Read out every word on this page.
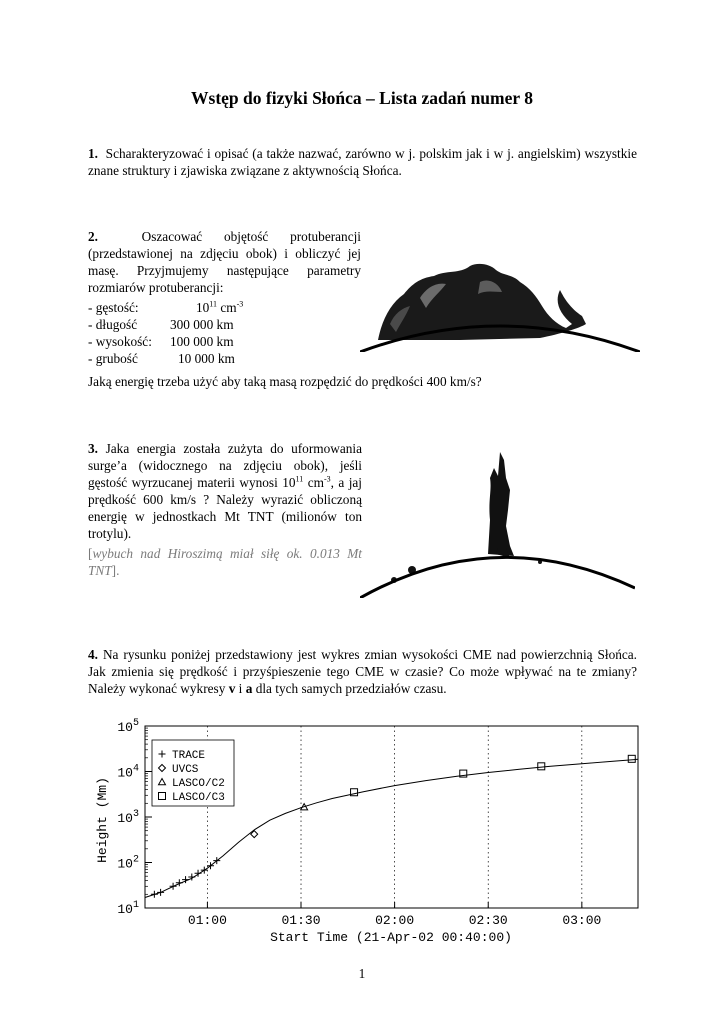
Wstęp do fizyki Słońca – Lista zadań numer 8
1. Scharakteryzować i opisać (a także nazwać, zarówno w j. polskim jak i w j. angielskim) wszystkie znane struktury i zjawiska związane z aktywnością Słońca.
2.	Oszacować objętość protuberancji (przedstawionej na zdjęciu obok) i obliczyć jej masę. Przyjmujemy następujące parametry rozmiarów protuberancji:
- gęstość:	$10^{11}$ $cm^{-3}$
- długość	300 000 km
- wysokość:	100 000 km
- grubość	10 000 km
Jaką energię trzeba użyć aby taką masą rozpędzić do prędkości 400 km/s?
3. Jaka energia została zużyta do uformowania surge’a (widocznego na zdjęciu obok), jeśli gęstość wyrzucanej materii wynosi $10^{11}$ $cm^{-3}$, a jaj prędkość 600 km/s ? Należy wyrazić obliczoną energię w jednostkach Mt TNT (milionów ton trotylu).
[wybuch nad Hiroszimą miał siłę ok. 0.013 Mt TNT].
4. Na rysunku poniżej przedstawiony jest wykres zmian wysokości CME nad powierzchnią Słońca. Jak zmienia się prędkość i przyśpieszenie tego CME w czasie? Co może wpływać na te zmiany? Należy wykonać wykresy v i a dla tych samych przedziałów czasu.
$10^1$
$10^2$
$10^3$
$10^4$
$10^5$
01:00	01:30	02:00	02:30	03:00
Height (Mm)
Start Time (21-Apr-02 00:40:00)
TRACE
UVCS
LASCO/C2
LASCO/C3
1
